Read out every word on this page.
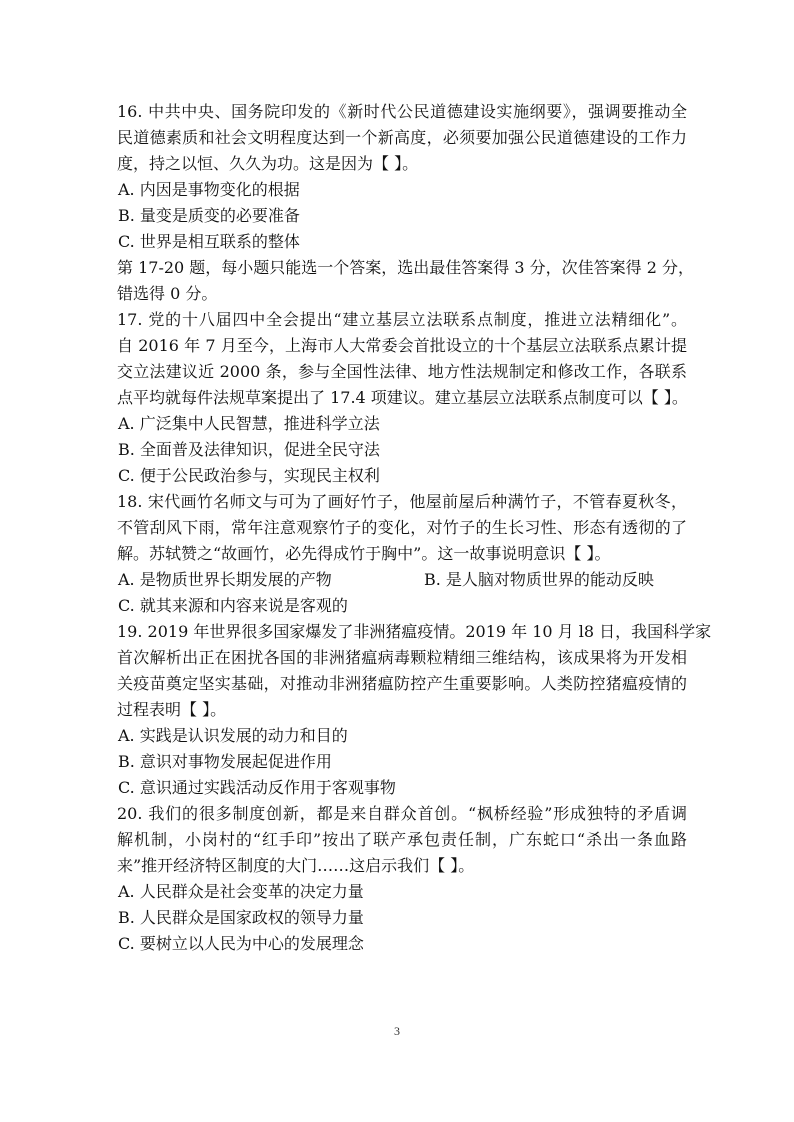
16. 中共中央、国务院印发的《新时代公民道德建设实施纲要》，强调要推动全
民道德素质和社会文明程度达到一个新高度，必须要加强公民道德建设的工作力
度，持之以恒、久久为功。这是因为【 】。
A. 内因是事物变化的根据
B. 量变是质变的必要准备
C. 世界是相互联系的整体
第 17-20 题，每小题只能选一个答案，选出最佳答案得 3 分，次佳答案得 2 分，
错选得 0 分。
17. 党的十八届四中全会提出“建立基层立法联系点制度，推进立法精细化”。
自 2016 年 7 月至今，上海市人大常委会首批设立的十个基层立法联系点累计提
交立法建议近 2000 条，参与全国性法律、地方性法规制定和修改工作，各联系
点平均就每件法规草案提出了 17.4 项建议。建立基层立法联系点制度可以【 】。
A. 广泛集中人民智慧，推进科学立法
B. 全面普及法律知识，促进全民守法
C. 便于公民政治参与，实现民主权利
18. 宋代画竹名师文与可为了画好竹子，他屋前屋后种满竹子，不管春夏秋冬，
不管刮风下雨，常年注意观察竹子的变化，对竹子的生长习性、形态有透彻的了
解。苏轼赞之“故画竹，必先得成竹于胸中”。这一故事说明意识【 】。
A. 是物质世界长期发展的产物	B. 是人脑对物质世界的能动反映
C. 就其来源和内容来说是客观的
19. 2019 年世界很多国家爆发了非洲猪瘟疫情。2019 年 10 月 l8 日，我国科学家
首次解析出正在困扰各国的非洲猪瘟病毒颗粒精细三维结构，该成果将为开发相
关疫苗奠定坚实基础，对推动非洲猪瘟防控产生重要影响。人类防控猪瘟疫情的
过程表明【 】。
A. 实践是认识发展的动力和目的
B. 意识对事物发展起促进作用
C. 意识通过实践活动反作用于客观事物
20. 我们的很多制度创新，都是来自群众首创。“枫桥经验”形成独特的矛盾调
解机制，小岗村的“红手印”按出了联产承包责任制，广东蛇口“杀出一条血路
来”推开经济特区制度的大门……这启示我们【 】。
A. 人民群众是社会变革的决定力量
B. 人民群众是国家政权的领导力量
C. 要树立以人民为中心的发展理念
3
